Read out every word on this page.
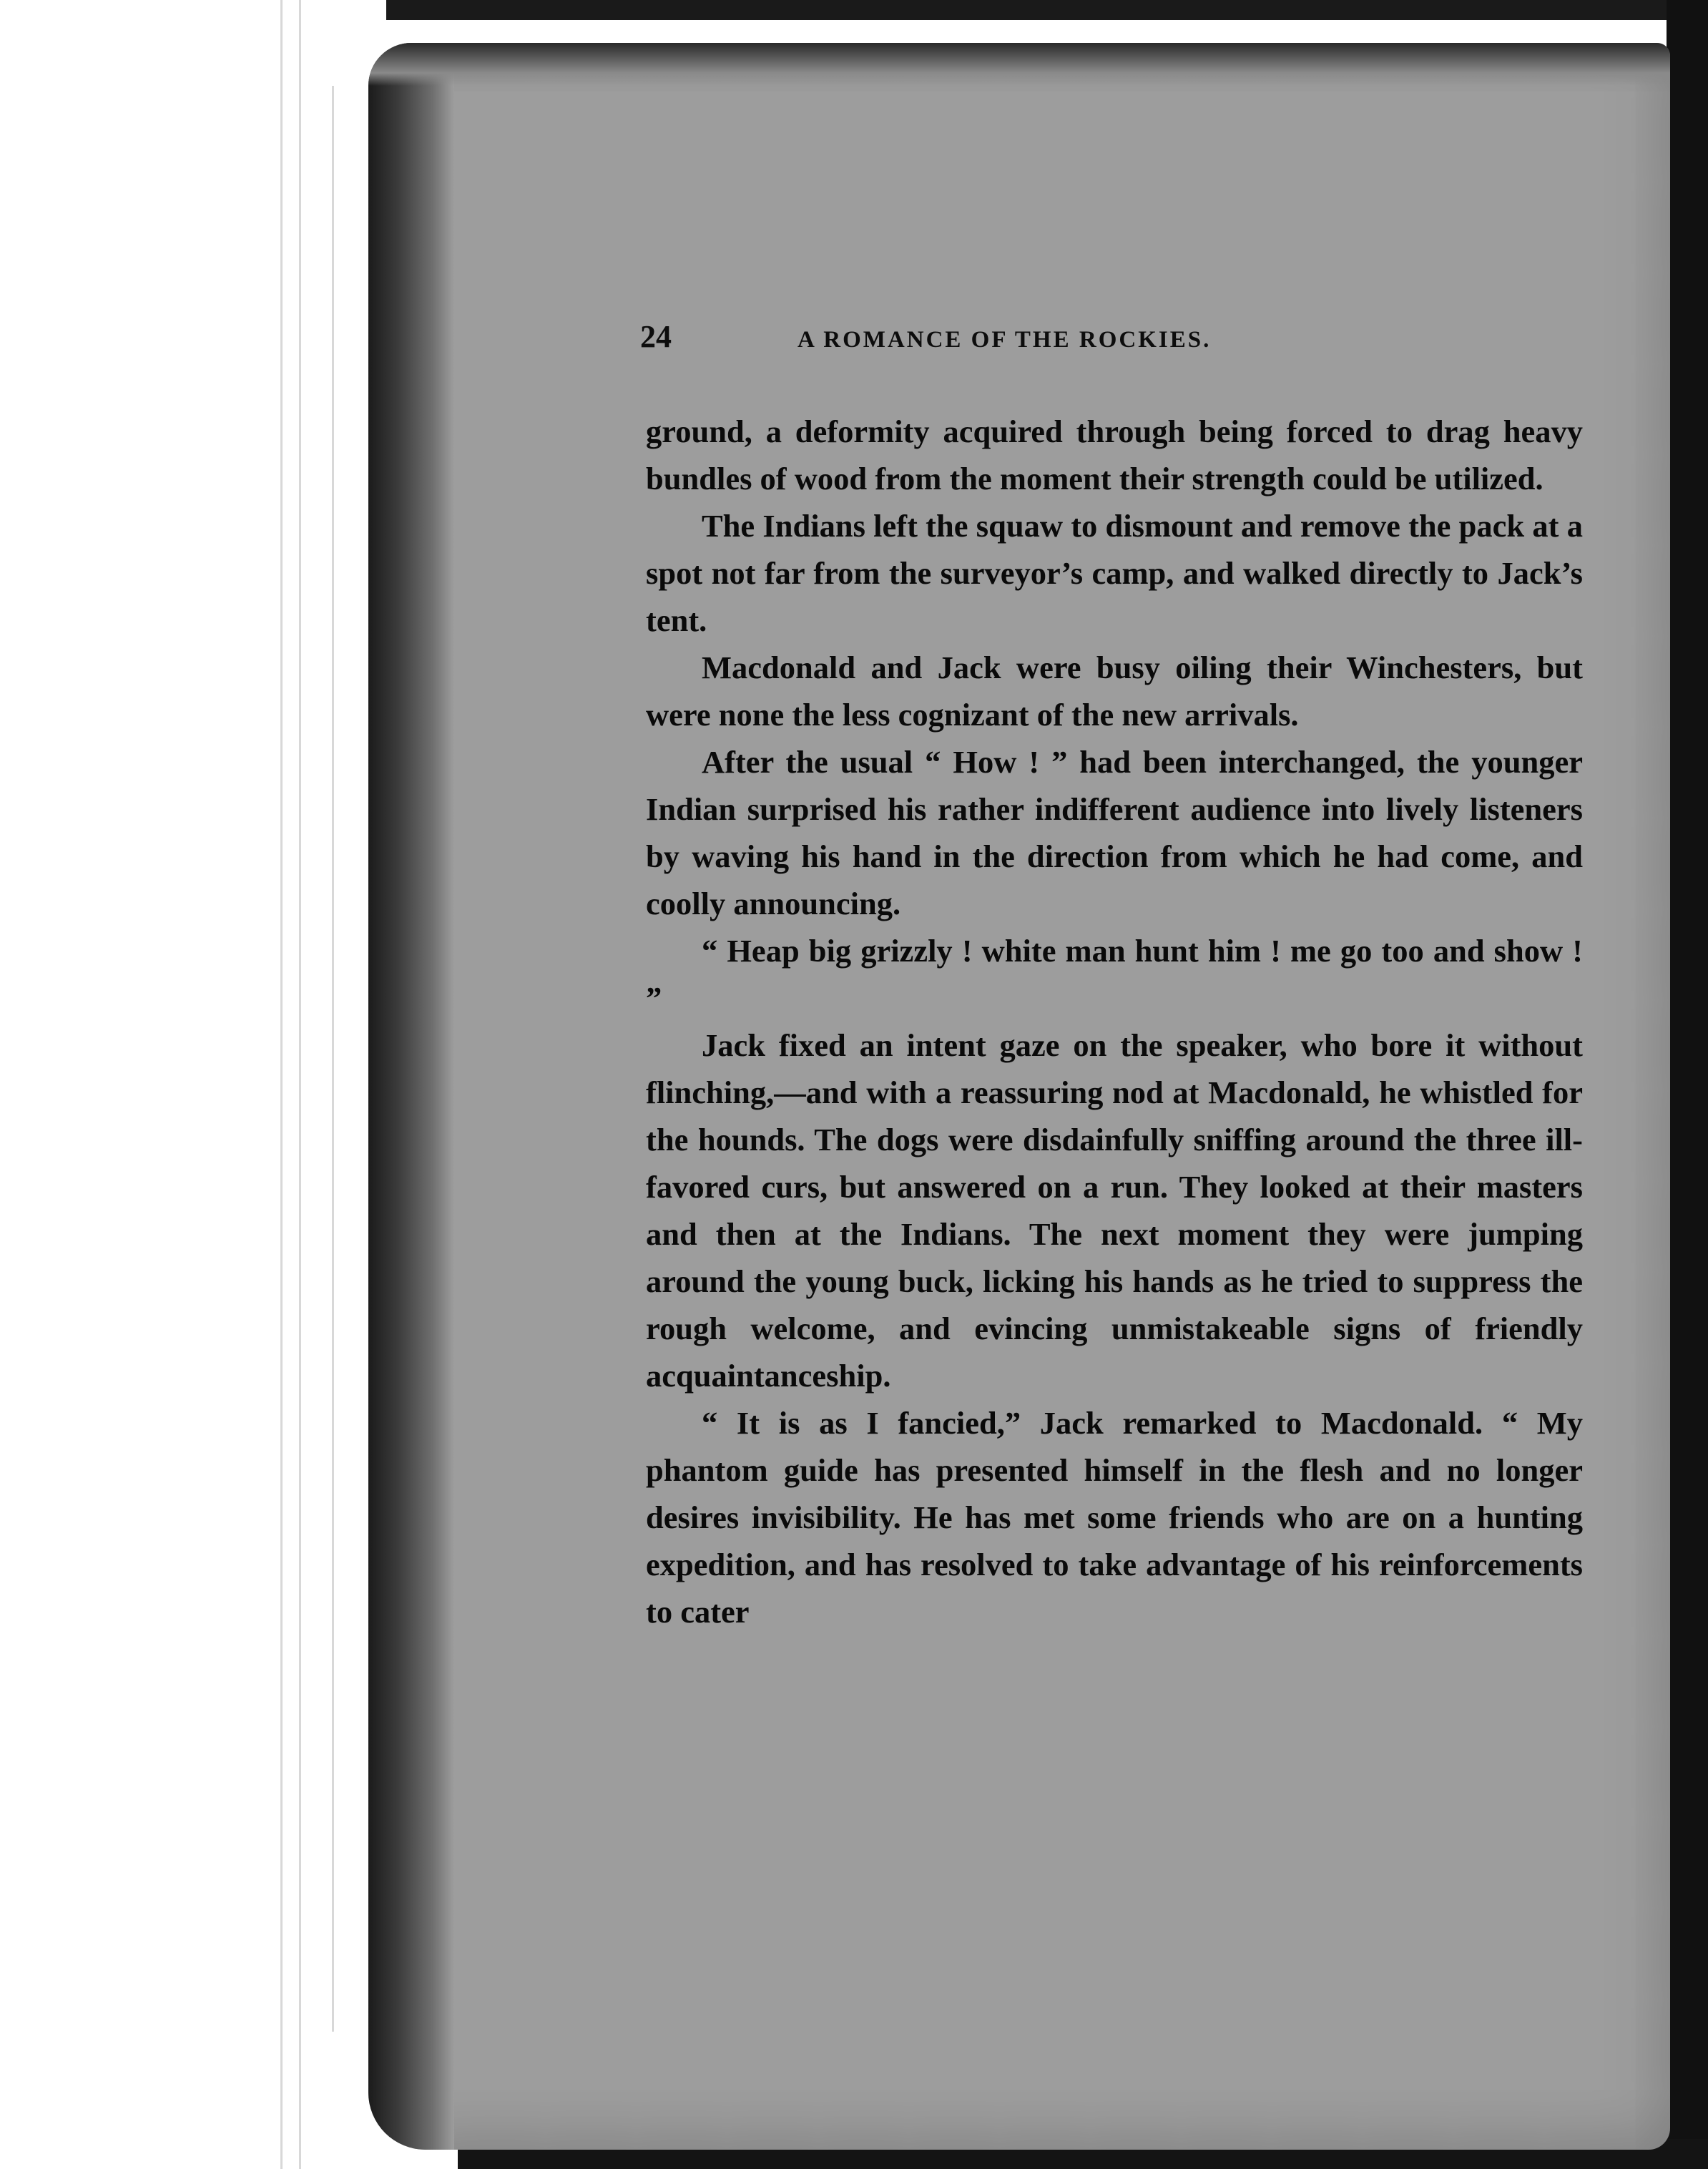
24	A ROMANCE OF THE ROCKIES.

ground, a deformity acquired through being forced to drag heavy bundles of wood from the moment their strength could be utilized.

The Indians left the squaw to dismount and remove the pack at a spot not far from the surveyor’s camp, and walked directly to Jack’s tent.

Macdonald and Jack were busy oiling their Winchesters, but were none the less cognizant of the new arrivals.

After the usual “ How ! ” had been interchanged, the younger Indian surprised his rather indifferent audience into lively listeners by waving his hand in the direction from which he had come, and coolly announcing.

“ Heap big grizzly ! white man hunt him ! me go too and show ! ”

Jack fixed an intent gaze on the speaker, who bore it without flinching,—and with a reassuring nod at Macdonald, he whistled for the hounds. The dogs were disdainfully sniffing around the three ill-favored curs, but answered on a run. They looked at their masters and then at the Indians. The next moment they were jumping around the young buck, licking his hands as he tried to suppress the rough welcome, and evincing unmistakeable signs of friendly acquaintanceship.

“ It is as I fancied,” Jack remarked to Macdonald. “ My phantom guide has presented himself in the flesh and no longer desires invisibility. He has met some friends who are on a hunting expedition, and has resolved to take advantage of his reinforcements to cater
